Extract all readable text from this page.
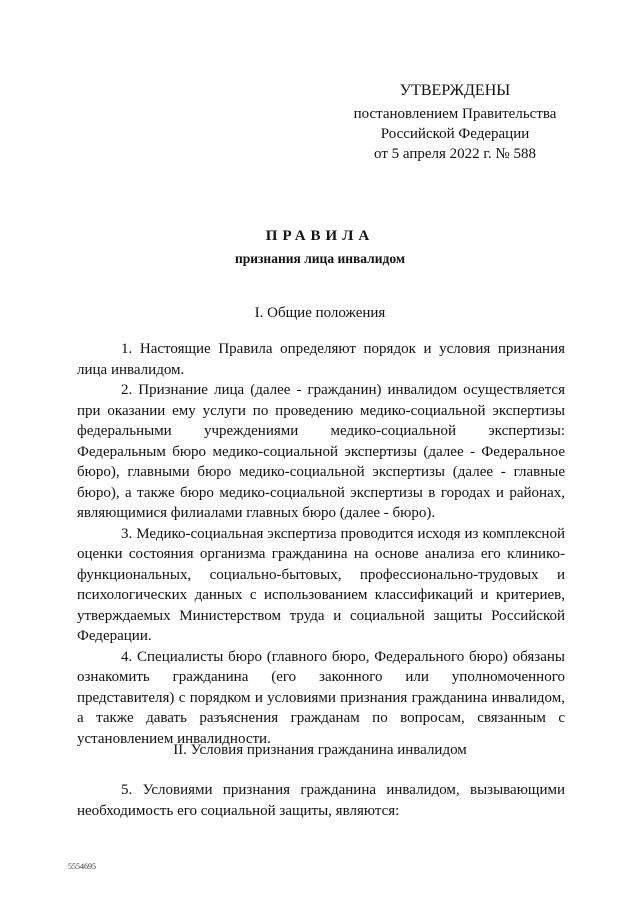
УТВЕРЖДЕНЫ
постановлением Правительства
Российской Федерации
от 5 апреля 2022 г. № 588
ПРАВИЛА
признания лица инвалидом
I. Общие положения

1. Настоящие Правила определяют порядок и условия признания лица инвалидом.

2. Признание лица (далее - гражданин) инвалидом осуществляется при оказании ему услуги по проведению медико-социальной экспертизы федеральными учреждениями медико-социальной экспертизы: Федеральным бюро медико-социальной экспертизы (далее - Федеральное бюро), главными бюро медико-социальной экспертизы (далее - главные бюро), а также бюро медико-социальной экспертизы в городах и районах, являющимися филиалами главных бюро (далее - бюро).

3. Медико-социальная экспертиза проводится исходя из комплексной оценки состояния организма гражданина на основе анализа его клинико-функциональных, социально-бытовых, профессионально-трудовых и психологических данных с использованием классификаций и критериев, утверждаемых Министерством труда и социальной защиты Российской Федерации.

4. Специалисты бюро (главного бюро, Федерального бюро) обязаны ознакомить гражданина (его законного или уполномоченного представителя) с порядком и условиями признания гражданина инвалидом, а также давать разъяснения гражданам по вопросам, связанным с установлением инвалидности.

II. Условия признания гражданина инвалидом

5. Условиями признания гражданина инвалидом, вызывающими необходимость его социальной защиты, являются:

5554695
